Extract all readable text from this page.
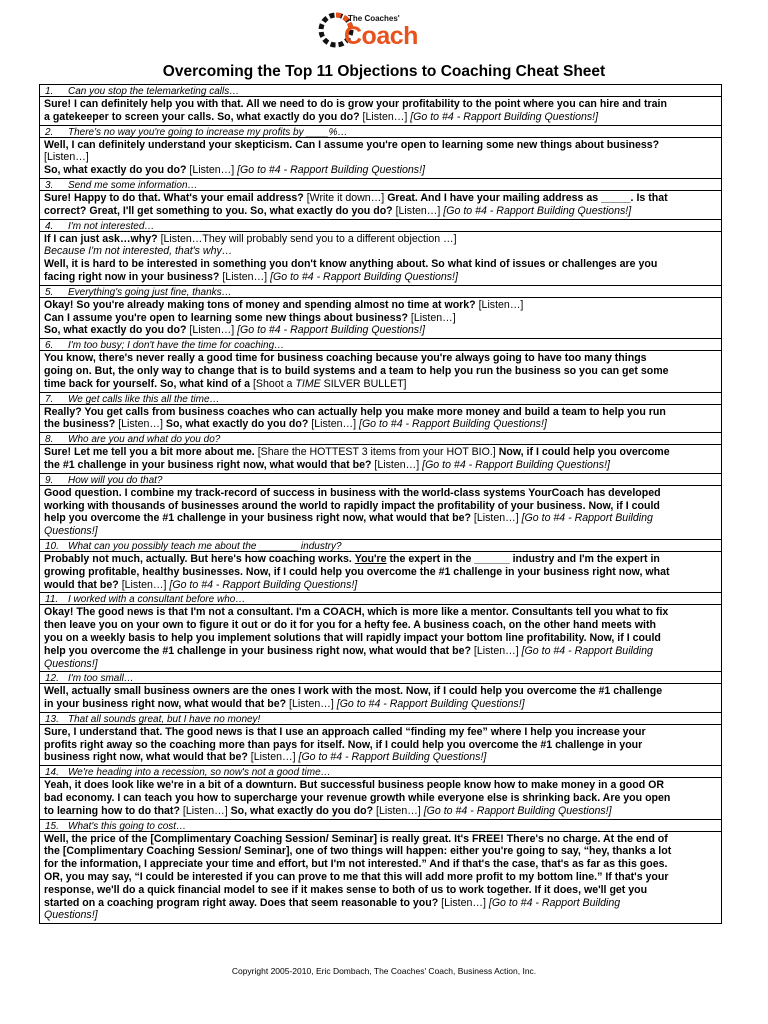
The Coaches'
Coach
Overcoming the Top 11 Objections to Coaching Cheat Sheet
1. Can you stop the telemarketing calls…
Sure! I can definitely help you with that. All we need to do is grow your profitability to the point where you can hire and train
a gatekeeper to screen your calls. So, what exactly do you do? [Listen…] [Go to #4 - Rapport Building Questions!]
2. There's no way you're going to increase my profits by ____%…
Well, I can definitely understand your skepticism. Can I assume you're open to learning some new things about business?
[Listen…]
So, what exactly do you do? [Listen…] [Go to #4 - Rapport Building Questions!]
3. Send me some information…
Sure! Happy to do that. What's your email address? [Write it down…] Great. And I have your mailing address as _____. Is that
correct? Great, I'll get something to you. So, what exactly do you do? [Listen…] [Go to #4 - Rapport Building Questions!]
4. I'm not interested…
If I can just ask…why? [Listen…They will probably send you to a different objection …]
Because I'm not interested, that's why…
Well, it is hard to be interested in something you don't know anything about. So what kind of issues or challenges are you
facing right now in your business? [Listen…] [Go to #4 - Rapport Building Questions!]
5. Everything's going just fine, thanks…
Okay! So you're already making tons of money and spending almost no time at work? [Listen…]
Can I assume you're open to learning some new things about business? [Listen…]
So, what exactly do you do? [Listen…] [Go to #4 - Rapport Building Questions!]
6. I'm too busy; I don't have the time for coaching…
You know, there's never really a good time for business coaching because you're always going to have too many things
going on. But, the only way to change that is to build systems and a team to help you run the business so you can get some
time back for yourself. So, what kind of a [Shoot a TIME SILVER BULLET]
7. We get calls like this all the time…
Really? You get calls from business coaches who can actually help you make more money and build a team to help you run
the business? [Listen…] So, what exactly do you do? [Listen…] [Go to #4 - Rapport Building Questions!]
8. Who are you and what do you do?
Sure! Let me tell you a bit more about me. [Share the HOTTEST 3 items from your HOT BIO.] Now, if I could help you overcome
the #1 challenge in your business right now, what would that be? [Listen…] [Go to #4 - Rapport Building Questions!]
9. How will you do that?
Good question. I combine my track-record of success in business with the world-class systems YourCoach has developed
working with thousands of businesses around the world to rapidly impact the profitability of your business. Now, if I could
help you overcome the #1 challenge in your business right now, what would that be? [Listen…] [Go to #4 - Rapport Building
Questions!]
10. What can you possibly teach me about the _______ industry?
Probably not much, actually. But here's how coaching works. You're the expert in the ______ industry and I'm the expert in
growing profitable, healthy businesses. Now, if I could help you overcome the #1 challenge in your business right now, what
would that be? [Listen…] [Go to #4 - Rapport Building Questions!]
11. I worked with a consultant before who…
Okay! The good news is that I'm not a consultant. I'm a COACH, which is more like a mentor. Consultants tell you what to fix
then leave you on your own to figure it out or do it for you for a hefty fee. A business coach, on the other hand meets with
you on a weekly basis to help you implement solutions that will rapidly impact your bottom line profitability. Now, if I could
help you overcome the #1 challenge in your business right now, what would that be? [Listen…] [Go to #4 - Rapport Building
Questions!]
12. I'm too small…
Well, actually small business owners are the ones I work with the most. Now, if I could help you overcome the #1 challenge
in your business right now, what would that be? [Listen…] [Go to #4 - Rapport Building Questions!]
13. That all sounds great, but I have no money!
Sure, I understand that. The good news is that I use an approach called “finding my fee” where I help you increase your
profits right away so the coaching more than pays for itself. Now, if I could help you overcome the #1 challenge in your
business right now, what would that be? [Listen…] [Go to #4 - Rapport Building Questions!]
14. We're heading into a recession, so now's not a good time…
Yeah, it does look like we're in a bit of a downturn. But successful business people know how to make money in a good OR
bad economy. I can teach you how to supercharge your revenue growth while everyone else is shrinking back. Are you open
to learning how to do that? [Listen…] So, what exactly do you do? [Listen…] [Go to #4 - Rapport Building Questions!]
15. What's this going to cost…
Well, the price of the [Complimentary Coaching Session/ Seminar] is really great. It's FREE! There's no charge. At the end of
the [Complimentary Coaching Session/ Seminar], one of two things will happen: either you're going to say, “hey, thanks a lot
for the information, I appreciate your time and effort, but I'm not interested.” And if that's the case, that's as far as this goes.
OR, you may say, “I could be interested if you can prove to me that this will add more profit to my bottom line.” If that's your
response, we'll do a quick financial model to see if it makes sense to both of us to work together. If it does, we'll get you
started on a coaching program right away. Does that seem reasonable to you? [Listen…] [Go to #4 - Rapport Building
Questions!]
Copyright 2005-2010, Eric Dombach, The Coaches' Coach, Business Action, Inc.
